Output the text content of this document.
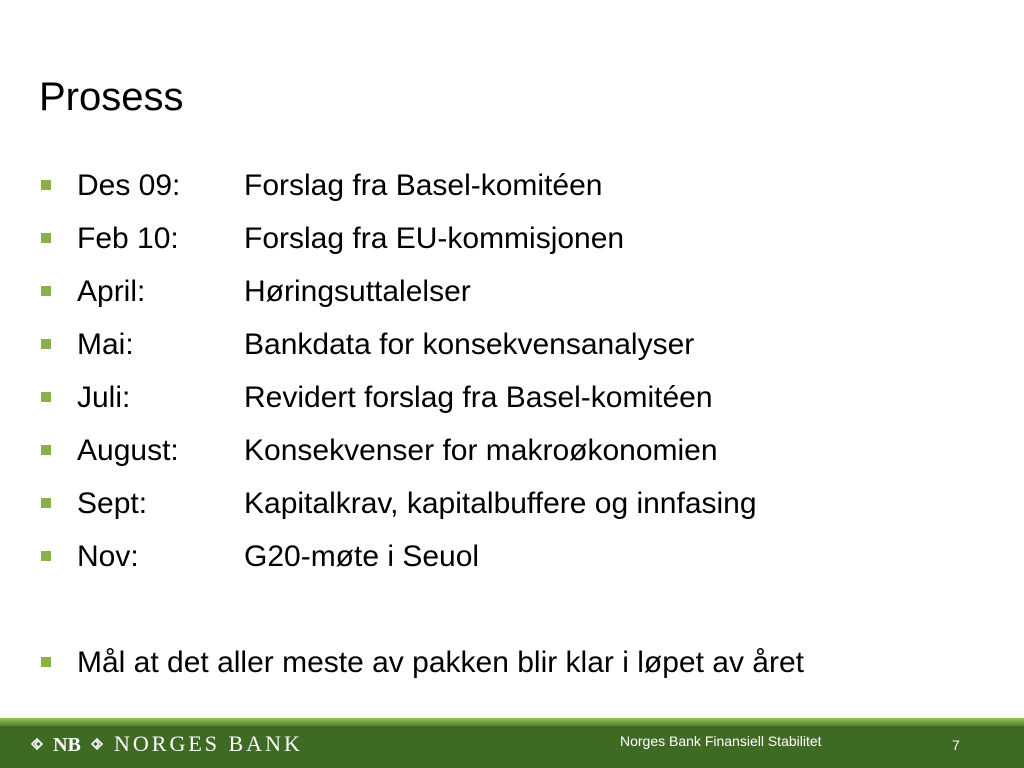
Prosess
Des 09: Forslag fra Basel-komitéen
Feb 10: Forslag fra EU-kommisjonen
April:	Høringsuttalelser
Mai:	Bankdata for konsekvensanalyser
Juli:	Revidert forslag fra Basel-komitéen
August: Konsekvenser for makroøkonomien
Sept:	Kapitalkrav, kapitalbuffere og innfasing
Nov:	G20-møte i Seuol
Mål at det aller meste av pakken blir klar i løpet av året
NB NORGES BANK	Norges Bank Finansiell Stabilitet	7
